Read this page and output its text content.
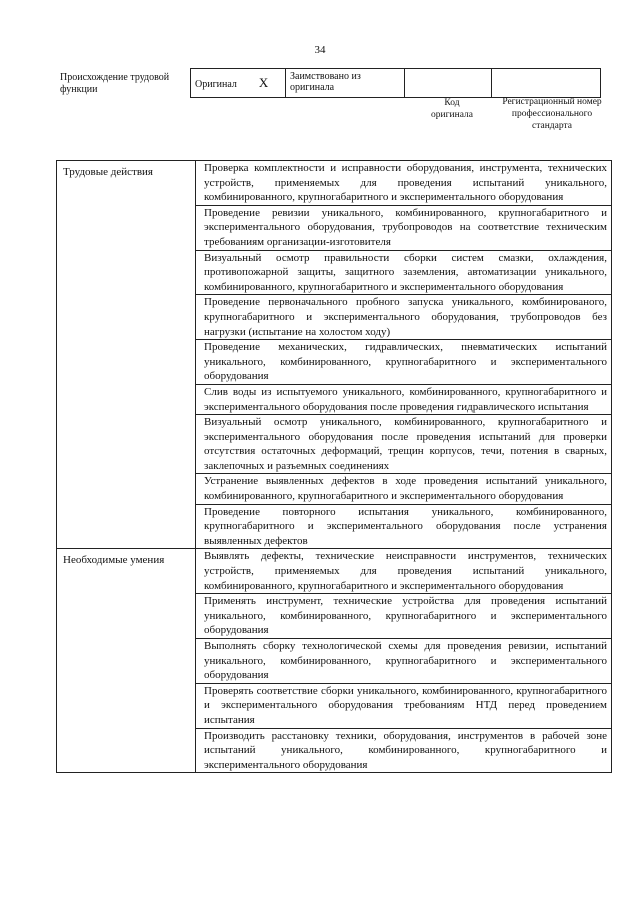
34
Происхождение трудовой функции	Оригинал X	Заимствовано из оригинала		
Код оригинала
Регистрационный номер профессионального стандарта
Трудовые действия	Проверка комплектности и исправности оборудования, инструмента, технических устройств, применяемых для проведения испытаний уникального, комбинированного, крупногабаритного и экспериментального оборудования
	Проведение ревизии уникального, комбинированного, крупногабаритного и экспериментального оборудования, трубопроводов на соответствие техническим требованиям организации-изготовителя
	Визуальный осмотр правильности сборки систем смазки, охлаждения, противопожарной защиты, защитного заземления, автоматизации уникального, комбинированного, крупногабаритного и экспериментального оборудования
	Проведение первоначального пробного запуска уникального, комбинированого, крупногабаритного и экспериментального оборудования, трубопроводов без нагрузки (испытание на холостом ходу)
	Проведение механических, гидравлических, пневматических испытаний уникального, комбинированного, крупногабаритного и экспериментального оборудования
	Слив воды из испытуемого уникального, комбинированного, крупногабаритного и экспериментального оборудования после проведения гидравлического испытания
	Визуальный осмотр уникального, комбинированного, крупногабаритного и экспериментального оборудования после проведения испытаний для проверки отсутствия остаточных деформаций, трещин корпусов, течи, потения в сварных, заклепочных и разъемных соединениях
	Устранение выявленных дефектов в ходе проведения испытаний уникального, комбинированного, крупногабаритного и экспериментального оборудования
	Проведение повторного испытания уникального, комбинированного, крупногабаритного и экспериментального оборудования после устранения выявленных дефектов
Необходимые умения	Выявлять дефекты, технические неисправности инструментов, технических устройств, применяемых для проведения испытаний уникального, комбинированного, крупногабаритного и экспериментального оборудования
	Применять инструмент, технические устройства для проведения испытаний уникального, комбинированного, крупногабаритного и экспериментального оборудования
	Выполнять сборку технологической схемы для проведения ревизии, испытаний уникального, комбинированного, крупногабаритного и экспериментального оборудования
	Проверять соответствие сборки уникального, комбинированного, крупногабаритного и экспериментального оборудования требованиям НТД перед проведением испытания
	Производить расстановку техники, оборудования, инструментов в рабочей зоне испытаний уникального, комбинированного, крупногабаритного и экспериментального оборудования
